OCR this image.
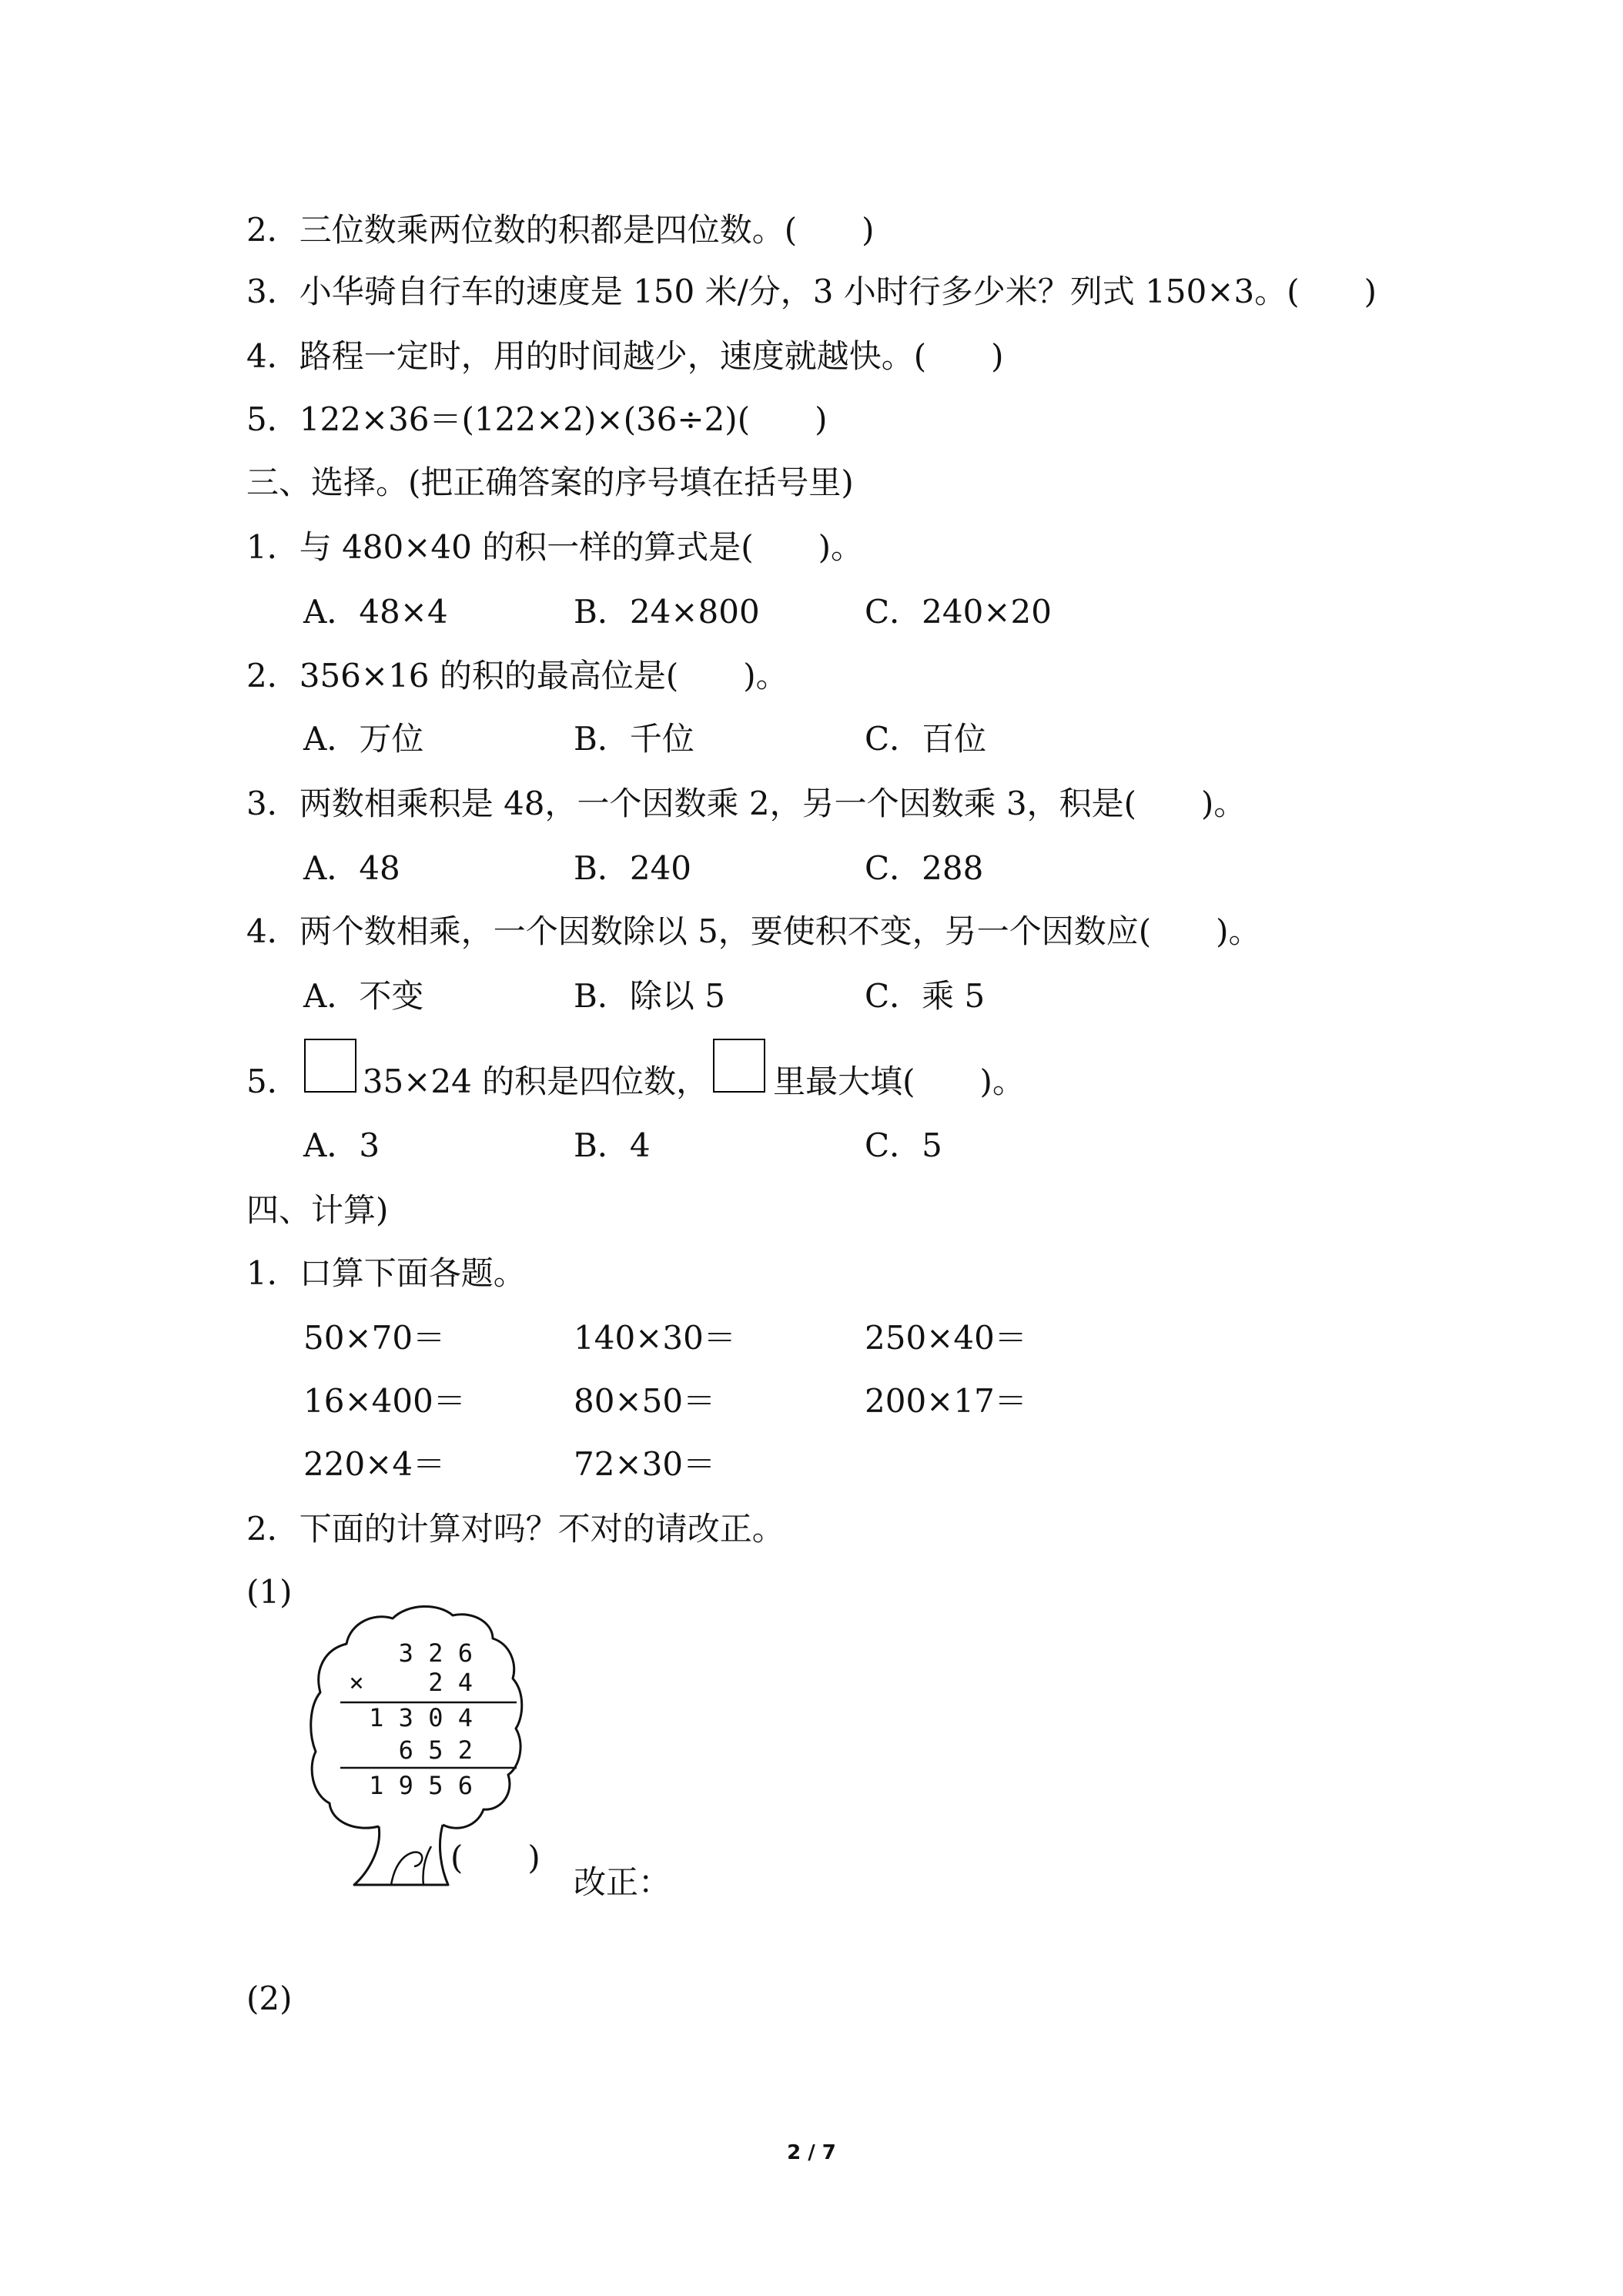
2．三位数乘两位数的积都是四位数。(　　)
3．小华骑自行车的速度是 150 米/分，3 小时行多少米？列式 150×3。(　　)
4．路程一定时，用的时间越少，速度就越快。(　　)
5．122×36＝(122×2)×(36÷2)(　　)
三、选择。(把正确答案的序号填在括号里)
1．与 480×40 的积一样的算式是(　　)。
A．48×4	B．24×800	C．240×20
2．356×16 的积的最高位是(　　)。
A．万位	B．千位	C．百位
3．两数相乘积是 48，一个因数乘 2，另一个因数乘 3，积是(　　)。
A．48	B．240	C．288
4．两个数相乘，一个因数除以 5，要使积不变，另一个因数应(　　)。
A．不变	B．除以 5	C．乘 5
5． 35×24 的积是四位数， 里最大填(　　)。
A．3	B．4	C．5
四、计算)
1．口算下面各题。
50×70＝	140×30＝	250×40＝
16×400＝	80×50＝	200×17＝
220×4＝	72×30＝
2．下面的计算对吗？不对的请改正。
(1)
3 2 6
×	2 4
1 3 0 4
6 5 2
1 9 5 6
(　　)
改正：
(2)
2 / 7
